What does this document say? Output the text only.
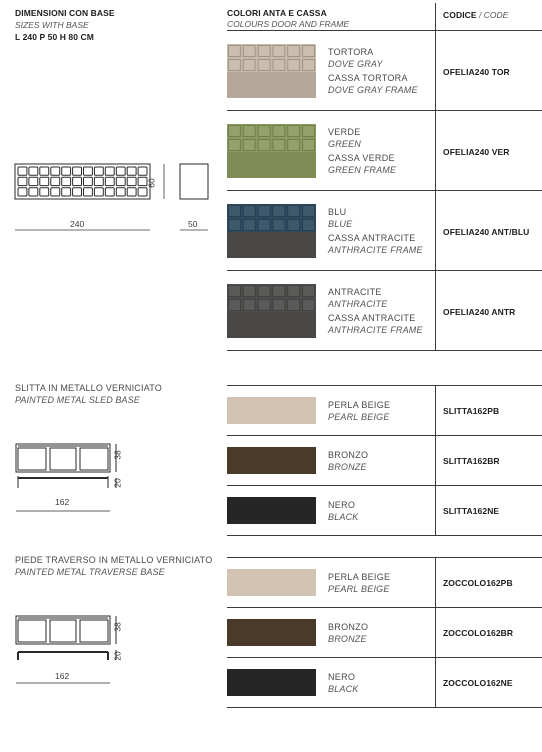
DIMENSIONI CON BASE
SIZES WITH BASE
L 240 P 50 H 80 CM
60
240	50
COLORI ANTA E CASSA
COLOURS DOOR AND FRAME
CODICE / CODE
TORTORA
DOVE GRAY
CASSA TORTORA
DOVE GRAY FRAME
OFELIA240 TOR
VERDE
GREEN
CASSA VERDE
GREEN FRAME
OFELIA240 VER
BLU
BLUE
CASSA ANTRACITE
ANTHRACITE FRAME
OFELIA240 ANT/BLU
ANTRACITE
ANTHRACITE
CASSA ANTRACITE
ANTHRACITE FRAME
OFELIA240 ANTR
SLITTA IN METALLO VERNICIATO
PAINTED METAL SLED BASE
38
20
162
PERLA BEIGE
PEARL BEIGE
SLITTA162PB
BRONZO
BRONZE
SLITTA162BR
NERO
BLACK
SLITTA162NE
PIEDE TRAVERSO IN METALLO VERNICIATO
PAINTED METAL TRAVERSE BASE
38
20
162
PERLA BEIGE
PEARL BEIGE
ZOCCOLO162PB
BRONZO
BRONZE
ZOCCOLO162BR
NERO
BLACK
ZOCCOLO162NE
